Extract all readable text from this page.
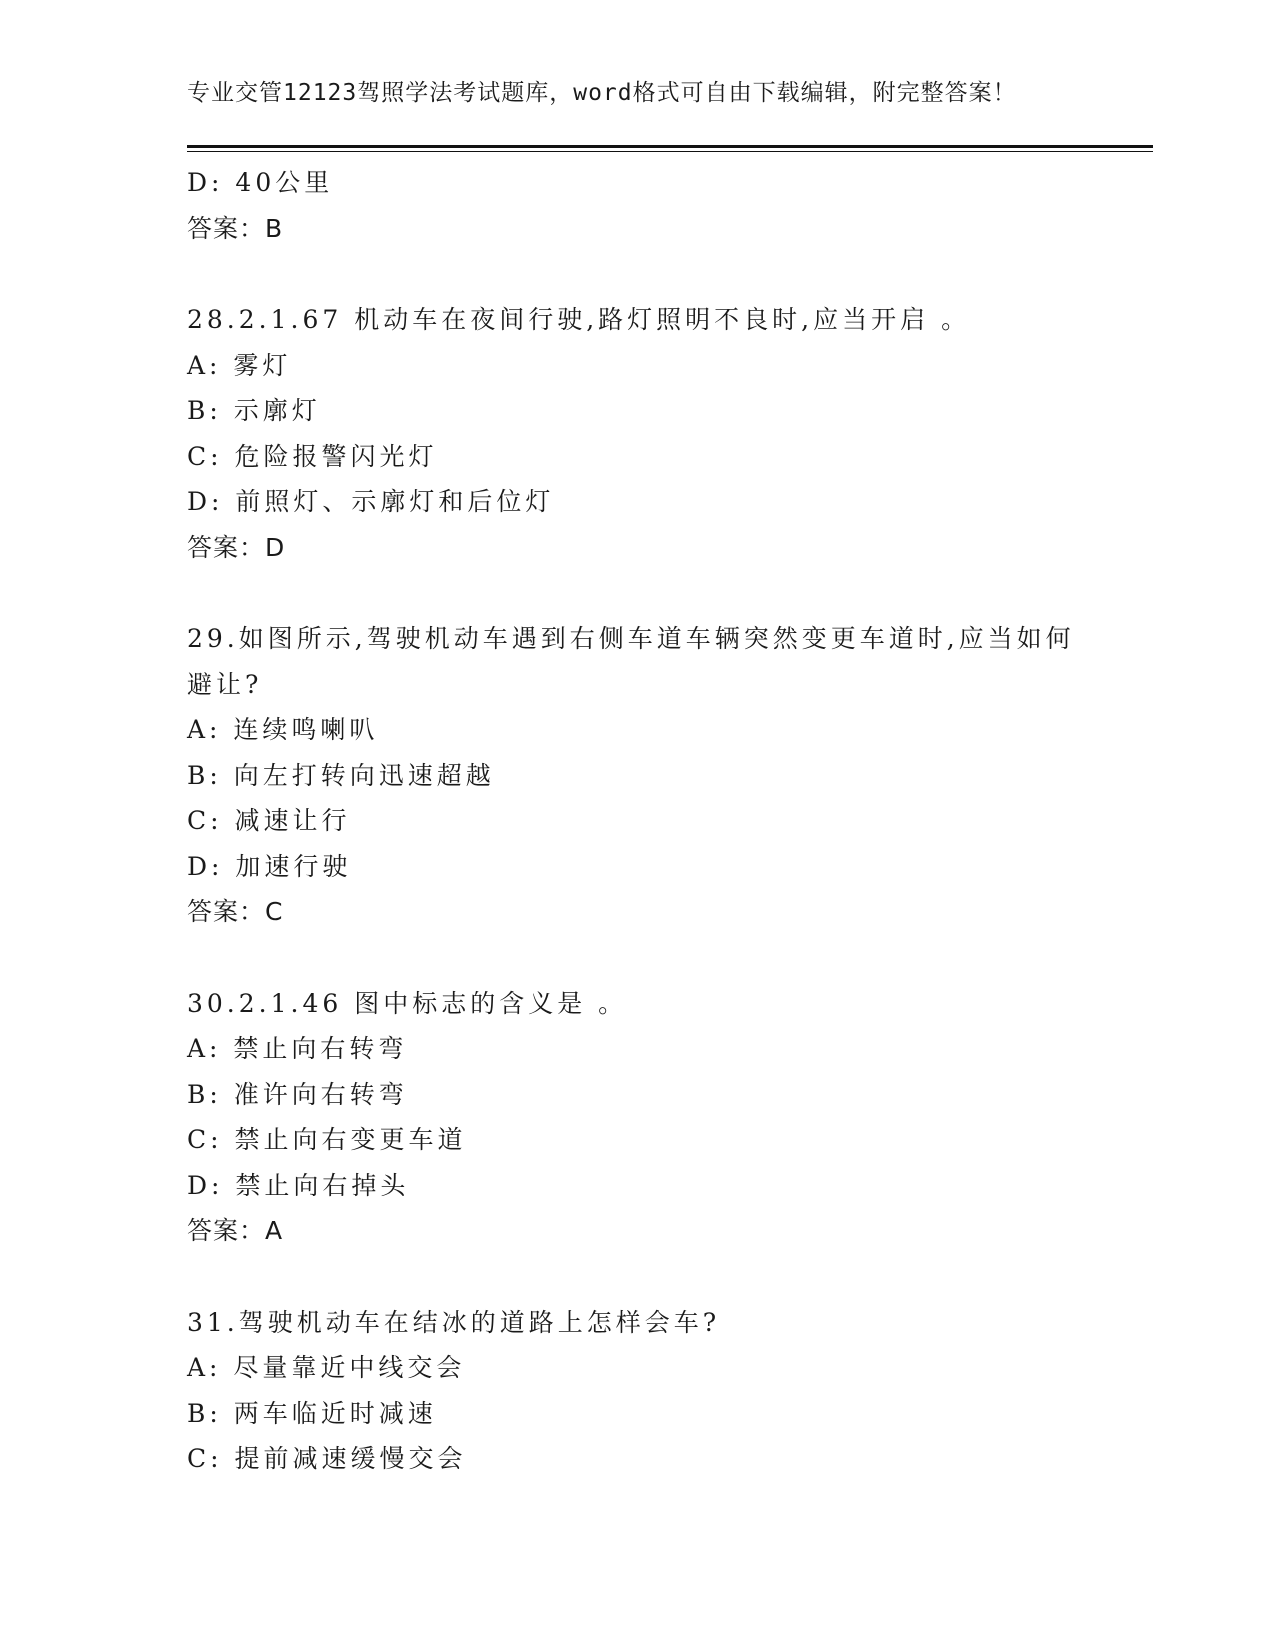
专业交管12123驾照学法考试题库，word格式可自由下载编辑，附完整答案！
D: 40公里
答案：B
28.2.1.67 机动车在夜间行驶,路灯照明不良时,应当开启 。
A: 雾灯
B: 示廓灯
C: 危险报警闪光灯
D: 前照灯、示廓灯和后位灯
答案：D
29.如图所示,驾驶机动车遇到右侧车道车辆突然变更车道时,应当如何避让?
A: 连续鸣喇叭
B: 向左打转向迅速超越
C: 减速让行
D: 加速行驶
答案：C
30.2.1.46 图中标志的含义是 。
A: 禁止向右转弯
B: 准许向右转弯
C: 禁止向右变更车道
D: 禁止向右掉头
答案：A
31.驾驶机动车在结冰的道路上怎样会车?
A: 尽量靠近中线交会
B: 两车临近时减速
C: 提前减速缓慢交会
